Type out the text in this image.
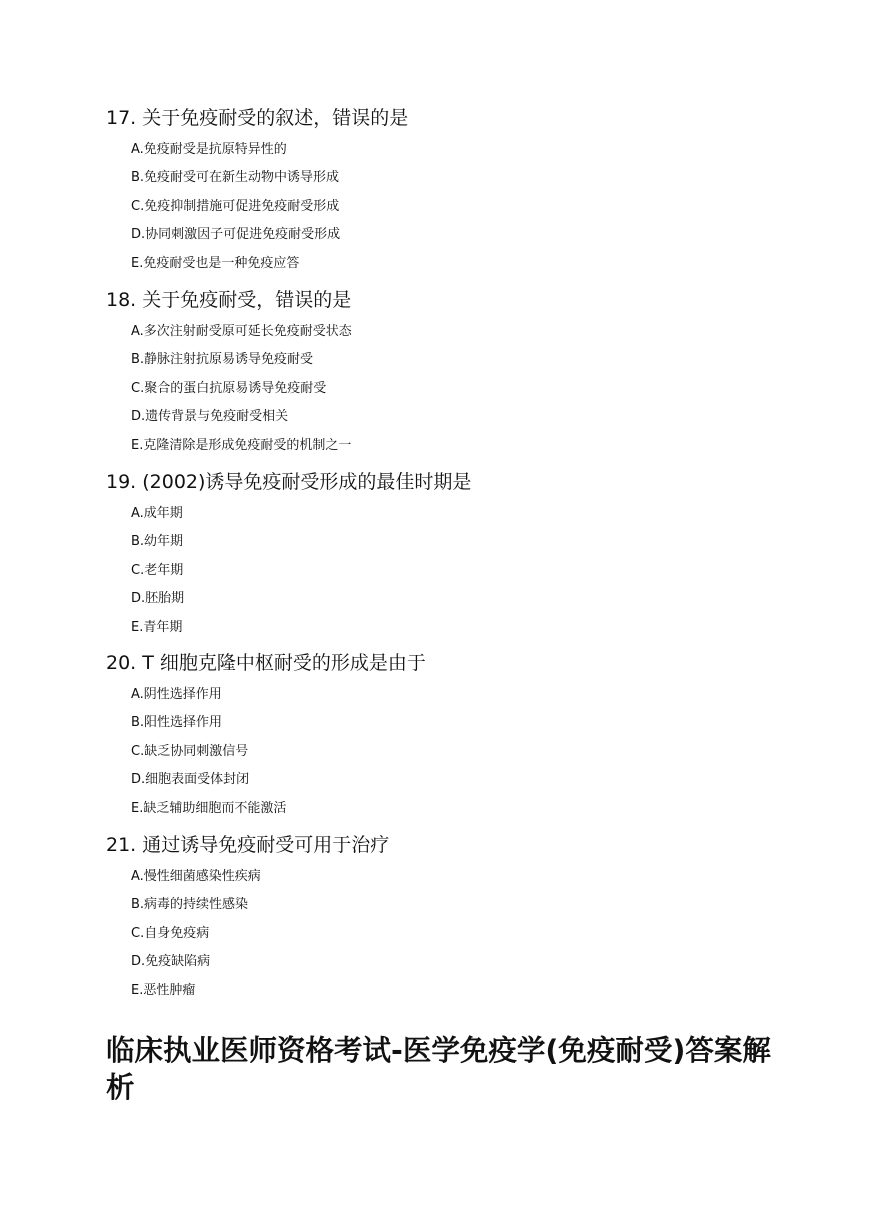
17. 关于免疫耐受的叙述，错误的是
A.免疫耐受是抗原特异性的
B.免疫耐受可在新生动物中诱导形成
C.免疫抑制措施可促进免疫耐受形成
D.协同刺激因子可促进免疫耐受形成
E.免疫耐受也是一种免疫应答
18. 关于免疫耐受，错误的是
A.多次注射耐受原可延长免疫耐受状态
B.静脉注射抗原易诱导免疫耐受
C.聚合的蛋白抗原易诱导免疫耐受
D.遗传背景与免疫耐受相关
E.克隆清除是形成免疫耐受的机制之一
19. (2002)诱导免疫耐受形成的最佳时期是
A.成年期
B.幼年期
C.老年期
D.胚胎期
E.青年期
20. T 细胞克隆中枢耐受的形成是由于
A.阴性选择作用
B.阳性选择作用
C.缺乏协同刺激信号
D.细胞表面受体封闭
E.缺乏辅助细胞而不能激活
21. 通过诱导免疫耐受可用于治疗
A.慢性细菌感染性疾病
B.病毒的持续性感染
C.自身免疫病
D.免疫缺陷病
E.恶性肿瘤
临床执业医师资格考试-医学免疫学(免疫耐受)答案解析
